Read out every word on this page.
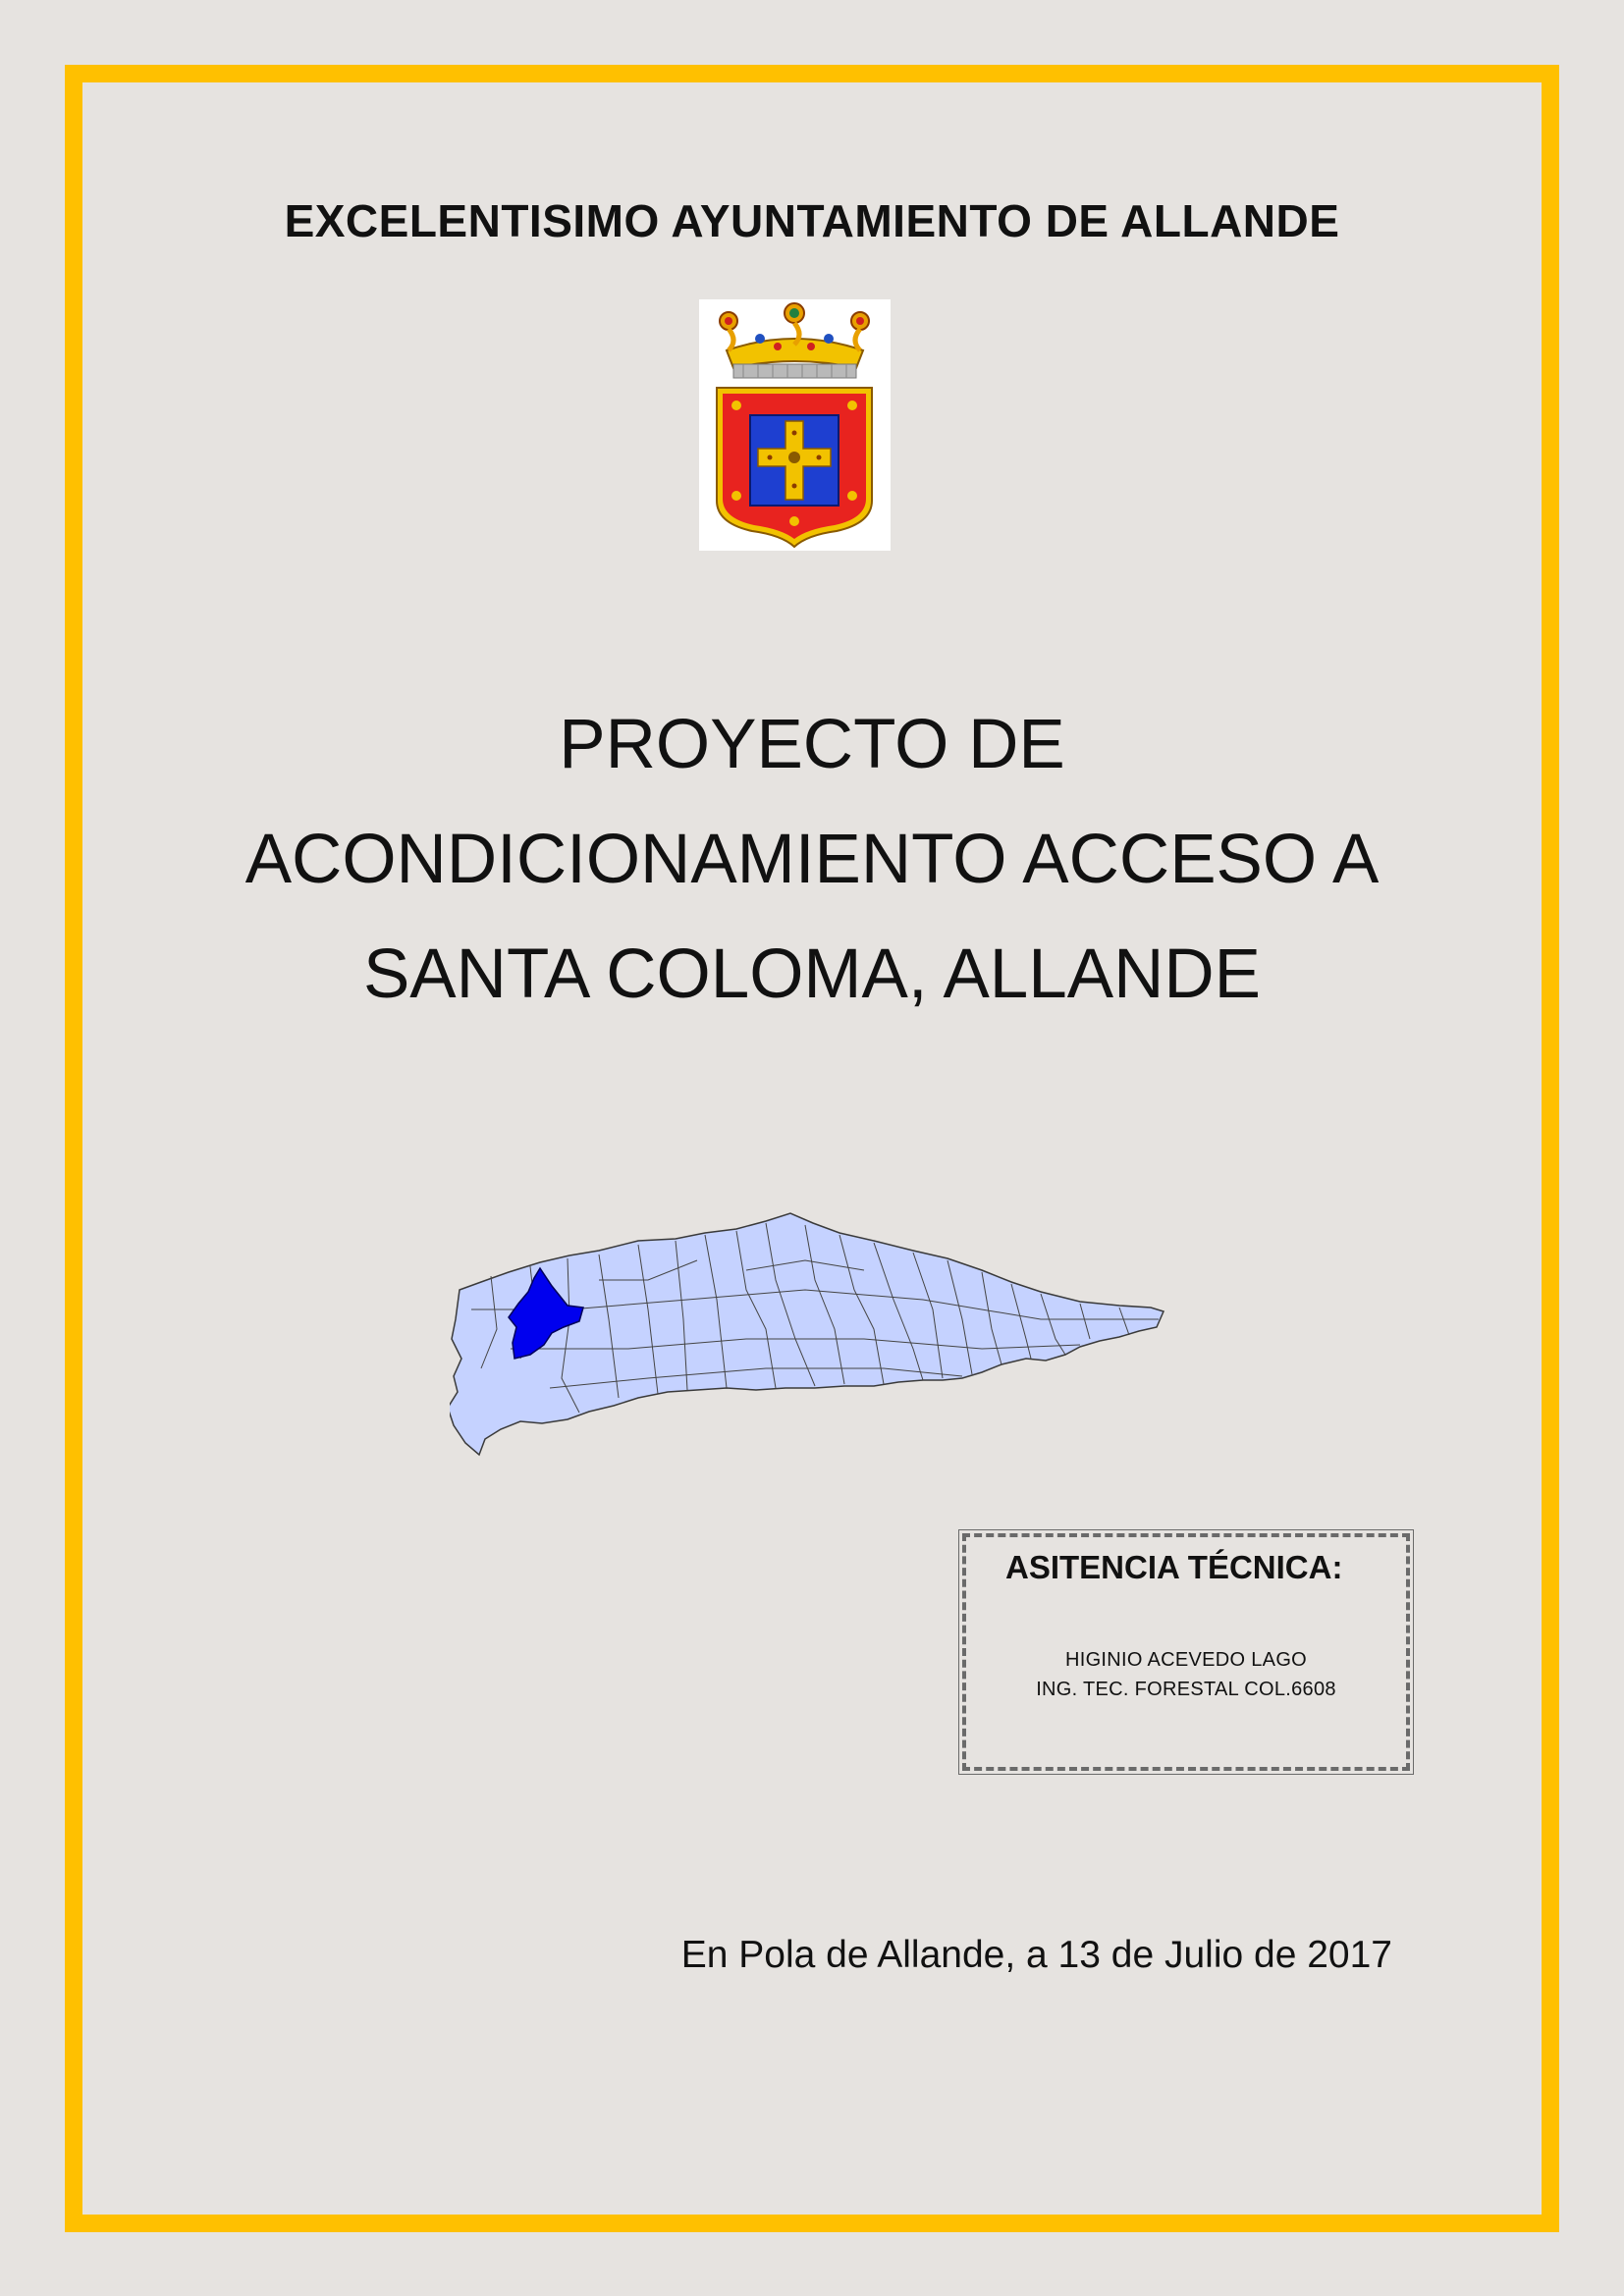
EXCELENTISIMO AYUNTAMIENTO DE ALLANDE
PROYECTO DE
ACONDICIONAMIENTO ACCESO A
SANTA COLOMA, ALLANDE
ASITENCIA TÉCNICA:
HIGINIO ACEVEDO LAGO
ING. TEC. FORESTAL COL.6608
En Pola de Allande, a 13 de Julio de 2017
